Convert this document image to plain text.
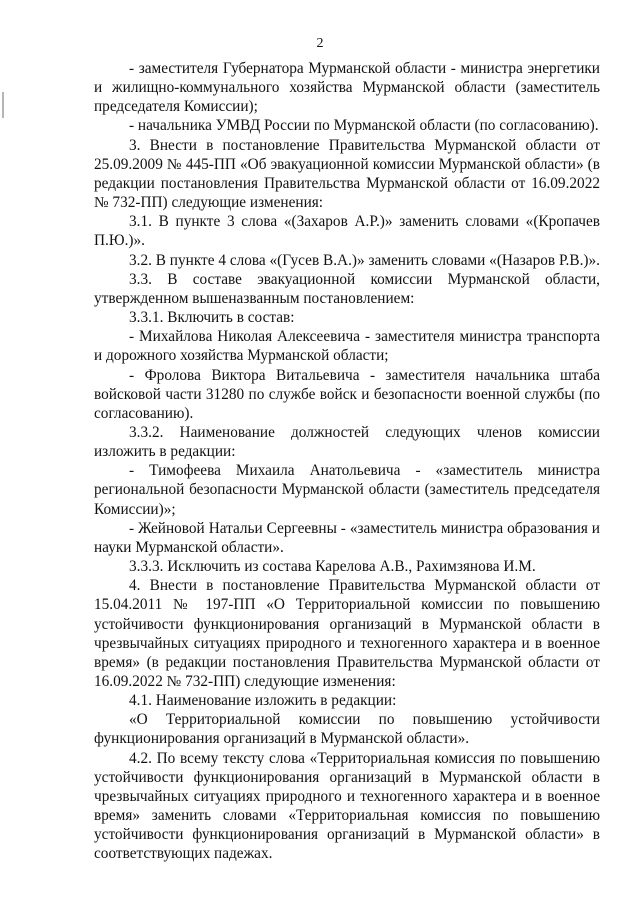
2

- заместителя Губернатора Мурманской области - министра энергетики и жилищно-коммунального хозяйства Мурманской области (заместитель председателя Комиссии);

- начальника УМВД России по Мурманской области (по согласованию).

3. Внести в постановление Правительства Мурманской области от 25.09.2009 № 445-ПП «Об эвакуационной комиссии Мурманской области» (в редакции постановления Правительства Мурманской области от 16.09.2022 № 732-ПП) следующие изменения:

3.1. В пункте 3 слова «(Захаров А.Р.)» заменить словами «(Кропачев П.Ю.)».

3.2. В пункте 4 слова «(Гусев В.А.)» заменить словами «(Назаров Р.В.)».

3.3. В составе эвакуационной комиссии Мурманской области, утвержденном вышеназванным постановлением:

3.3.1. Включить в состав:

- Михайлова Николая Алексеевича - заместителя министра транспорта и дорожного хозяйства Мурманской области;

- Фролова Виктора Витальевича - заместителя начальника штаба войсковой части 31280 по службе войск и безопасности военной службы (по согласованию).

3.3.2. Наименование должностей следующих членов комиссии изложить в редакции:

- Тимофеева Михаила Анатольевича - «заместитель министра региональной безопасности Мурманской области (заместитель председателя Комиссии)»;

- Жейновой Натальи Сергеевны - «заместитель министра образования и науки Мурманской области».

3.3.3. Исключить из состава Карелова А.В., Рахимзянова И.М.

4. Внести в постановление Правительства Мурманской области от 15.04.2011 № 197-ПП «О Территориальной комиссии по повышению устойчивости функционирования организаций в Мурманской области в чрезвычайных ситуациях природного и техногенного характера и в военное время» (в редакции постановления Правительства Мурманской области от 16.09.2022 № 732-ПП) следующие изменения:

4.1. Наименование изложить в редакции:

«О Территориальной комиссии по повышению устойчивости функционирования организаций в Мурманской области».

4.2. По всему тексту слова «Территориальная комиссия по повышению устойчивости функционирования организаций в Мурманской области в чрезвычайных ситуациях природного и техногенного характера и в военное время» заменить словами «Территориальная комиссия по повышению устойчивости функционирования организаций в Мурманской области» в соответствующих падежах.
